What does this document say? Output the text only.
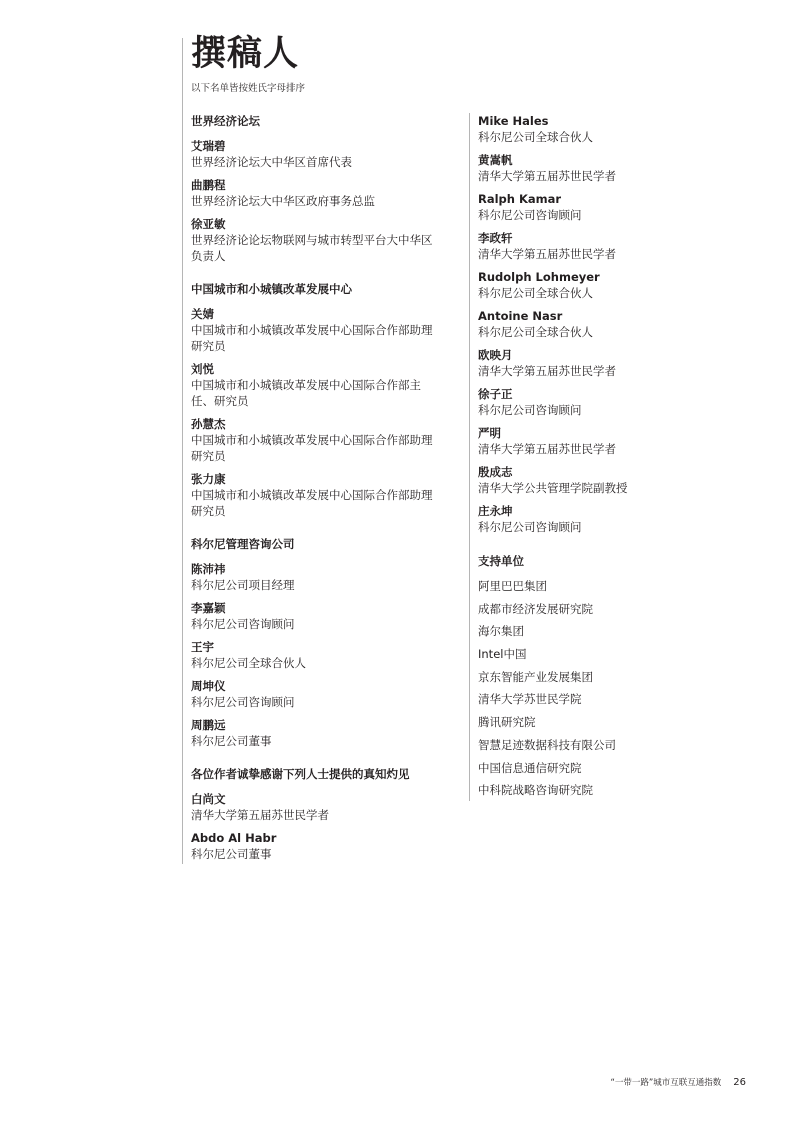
撰稿人
以下名单皆按姓氏字母排序
世界经济论坛
艾瑞碧
世界经济论坛大中华区首席代表
曲鹏程
世界经济论坛大中华区政府事务总监
徐亚敏
世界经济论论坛物联网与城市转型平台大中华区
负责人
中国城市和小城镇改革发展中心
关婧
中国城市和小城镇改革发展中心国际合作部助理
研究员
刘悦
中国城市和小城镇改革发展中心国际合作部主
任、研究员
孙慧杰
中国城市和小城镇改革发展中心国际合作部助理
研究员
张力康
中国城市和小城镇改革发展中心国际合作部助理
研究员
科尔尼管理咨询公司
陈沛祎
科尔尼公司项目经理
李嘉颖
科尔尼公司咨询顾问
王宇
科尔尼公司全球合伙人
周坤仪
科尔尼公司咨询顾问
周鹏远
科尔尼公司董事
各位作者诚挚感谢下列人士提供的真知灼见
白尚文
清华大学第五届苏世民学者
Abdo Al Habr
科尔尼公司董事
Mike Hales
科尔尼公司全球合伙人
黄嵩帆
清华大学第五届苏世民学者
Ralph Kamar
科尔尼公司咨询顾问
李政轩
清华大学第五届苏世民学者
Rudolph Lohmeyer
科尔尼公司全球合伙人
Antoine Nasr
科尔尼公司全球合伙人
欧映月
清华大学第五届苏世民学者
徐子正
科尔尼公司咨询顾问
严明
清华大学第五届苏世民学者
殷成志
清华大学公共管理学院副教授
庄永坤
科尔尼公司咨询顾问
支持单位
阿里巴巴集团
成都市经济发展研究院
海尔集团
Intel中国
京东智能产业发展集团
清华大学苏世民学院
腾讯研究院
智慧足迹数据科技有限公司
中国信息通信研究院
中科院战略咨询研究院
“一带一路”城市互联互通指数 26
